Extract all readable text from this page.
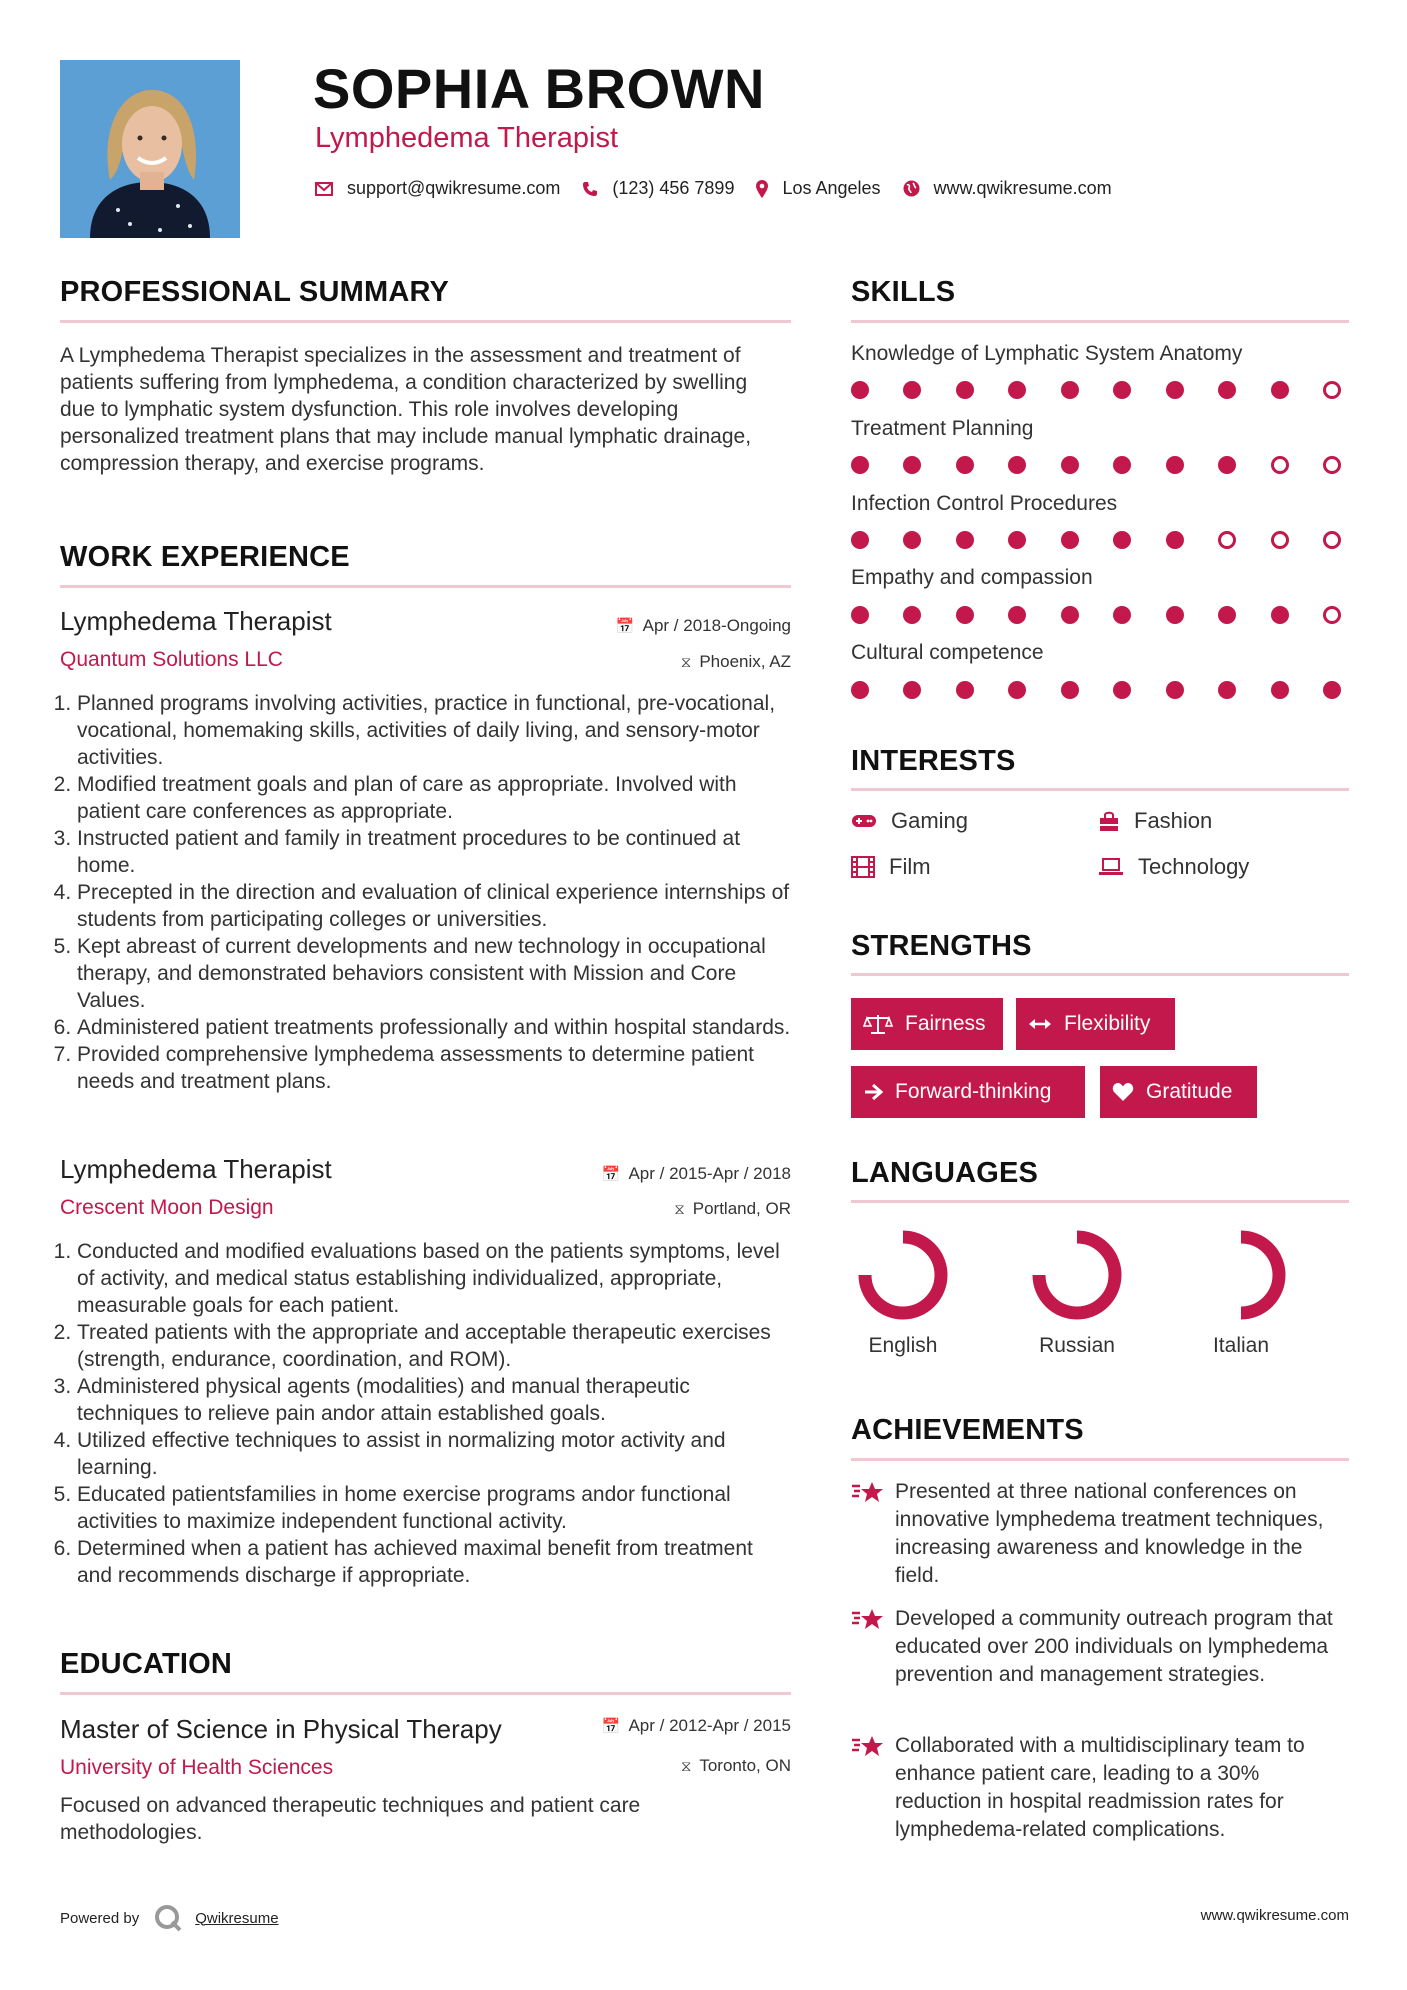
SOPHIA BROWN
Lymphedema Therapist
support@qwikresume.com	(123) 456 7899	Los Angeles	www.qwikresume.com
PROFESSIONAL SUMMARY
A Lymphedema Therapist specializes in the assessment and treatment of patients suffering from lymphedema, a condition characterized by swelling due to lymphatic system dysfunction. This role involves developing personalized treatment plans that may include manual lymphatic drainage, compression therapy, and exercise programs.
WORK EXPERIENCE
Lymphedema Therapist	📅 Apr / 2018-Ongoing
Quantum Solutions LLC	⧖ Phoenix, AZ
1. Planned programs involving activities, practice in functional, pre-vocational, vocational, homemaking skills, activities of daily living, and sensory-motor activities.
2. Modified treatment goals and plan of care as appropriate. Involved with patient care conferences as appropriate.
3. Instructed patient and family in treatment procedures to be continued at home.
4. Precepted in the direction and evaluation of clinical experience internships of students from participating colleges or universities.
5. Kept abreast of current developments and new technology in occupational therapy, and demonstrated behaviors consistent with Mission and Core Values.
6. Administered patient treatments professionally and within hospital standards.
7. Provided comprehensive lymphedema assessments to determine patient needs and treatment plans.
Lymphedema Therapist	📅 Apr / 2015-Apr / 2018
Crescent Moon Design	⧖ Portland, OR
1. Conducted and modified evaluations based on the patients symptoms, level of activity, and medical status establishing individualized, appropriate, measurable goals for each patient.
2. Treated patients with the appropriate and acceptable therapeutic exercises (strength, endurance, coordination, and ROM).
3. Administered physical agents (modalities) and manual therapeutic techniques to relieve pain andor attain established goals.
4. Utilized effective techniques to assist in normalizing motor activity and learning.
5. Educated patientsfamilies in home exercise programs andor functional activities to maximize independent functional activity.
6. Determined when a patient has achieved maximal benefit from treatment and recommends discharge if appropriate.
EDUCATION
Master of Science in Physical Therapy	📅 Apr / 2012-Apr / 2015
University of Health Sciences	⧖ Toronto, ON
Focused on advanced therapeutic techniques and patient care methodologies.
SKILLS
Knowledge of Lymphatic System Anatomy
Treatment Planning
Infection Control Procedures
Empathy and compassion
Cultural competence
INTERESTS
Gaming	Fashion
Film	Technology
STRENGTHS
Fairness	Flexibility
Forward-thinking	Gratitude
LANGUAGES
English	Russian	Italian
ACHIEVEMENTS
Presented at three national conferences on innovative lymphedema treatment techniques, increasing awareness and knowledge in the field.
Developed a community outreach program that educated over 200 individuals on lymphedema prevention and management strategies.
Collaborated with a multidisciplinary team to enhance patient care, leading to a 30% reduction in hospital readmission rates for lymphedema-related complications.
Powered by	Qwikresume	www.qwikresume.com
